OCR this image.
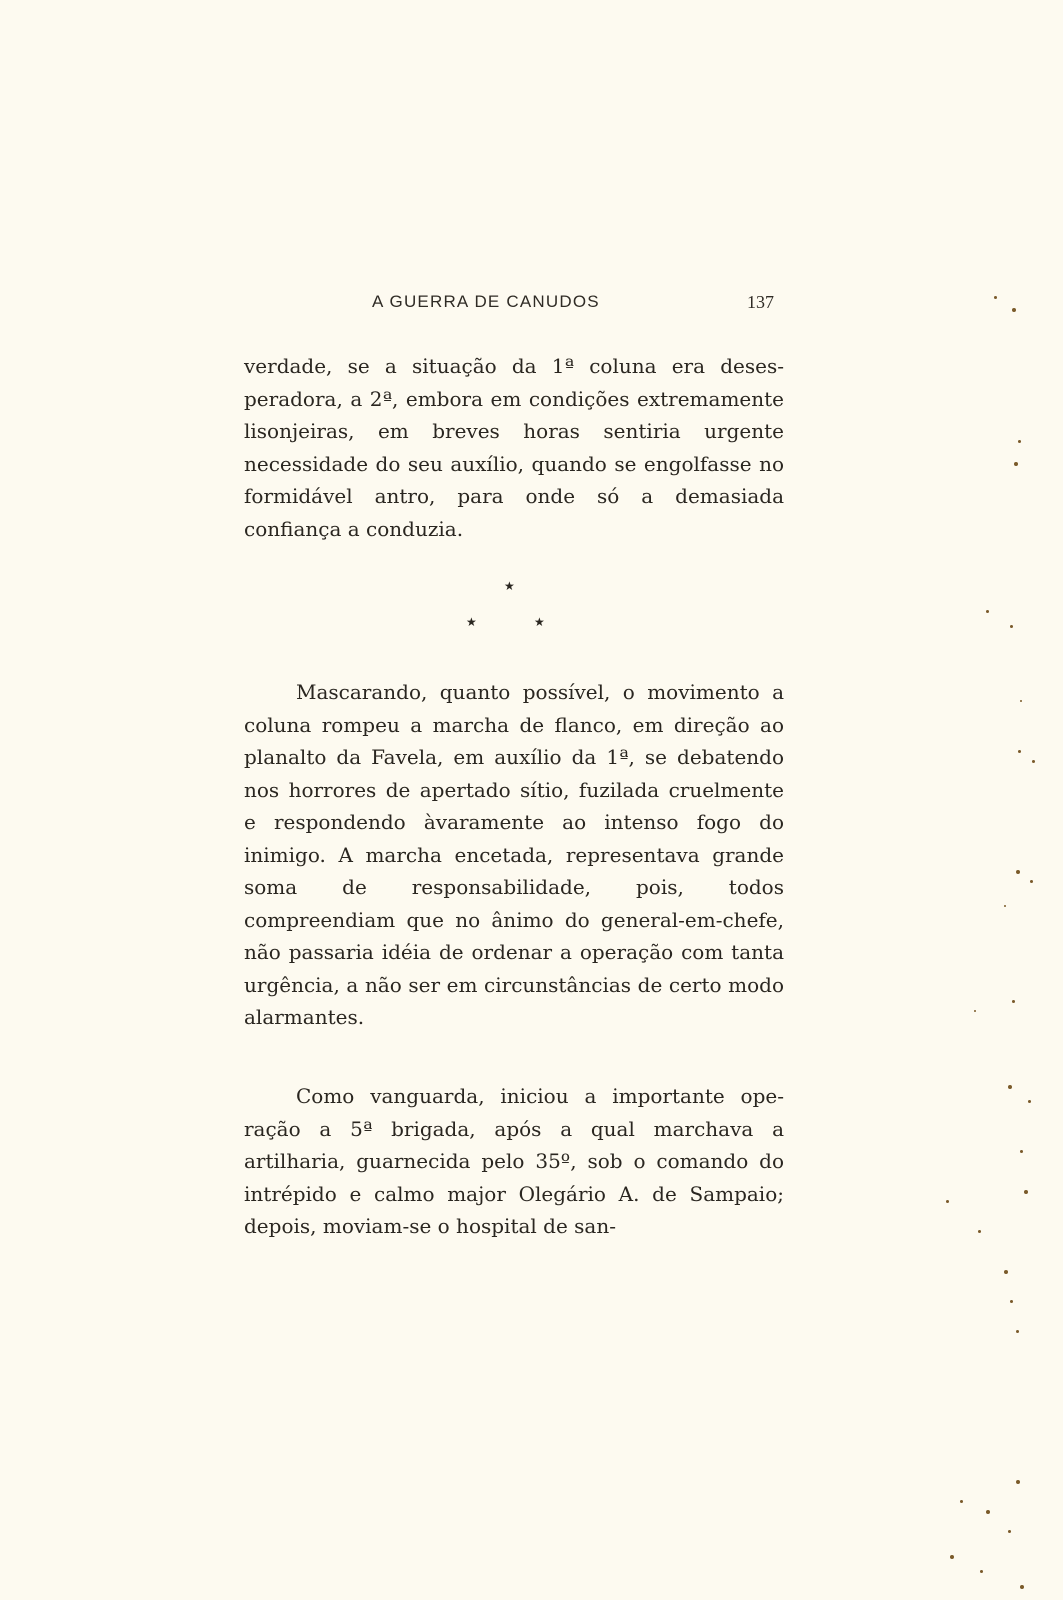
A GUERRA DE CANUDOS	137

verdade, se a situação da 1ª coluna era desesperadora, a 2ª, embora em condições extremamente lisonjeiras, em breves horas sentiria urgente necessidade do seu auxílio, quando se engolfasse no formidável antro, para onde só a demasiada confiança a conduzia.

★
★	★

Mascarando, quanto possível, o movimento a coluna rompeu a marcha de flanco, em direção ao planalto da Favela, em auxílio da 1ª, se debatendo nos horrores de apertado sítio, fuzilada cruelmente e respondendo àvaramente ao intenso fogo do inimigo. A marcha encetada, representava grande soma de responsabilidade, pois, todos compreendiam que no ânimo do general-em-chefe, não passaria idéia de ordenar a operação com tanta urgência, a não ser em circunstâncias de certo modo alarmantes.

Como vanguarda, iniciou a importante operação a 5ª brigada, após a qual marchava a artilharia, guarnecida pelo 35º, sob o comando do intrépido e calmo major Olegário A. de Sampaio; depois, moviam-se o hospital de san-
